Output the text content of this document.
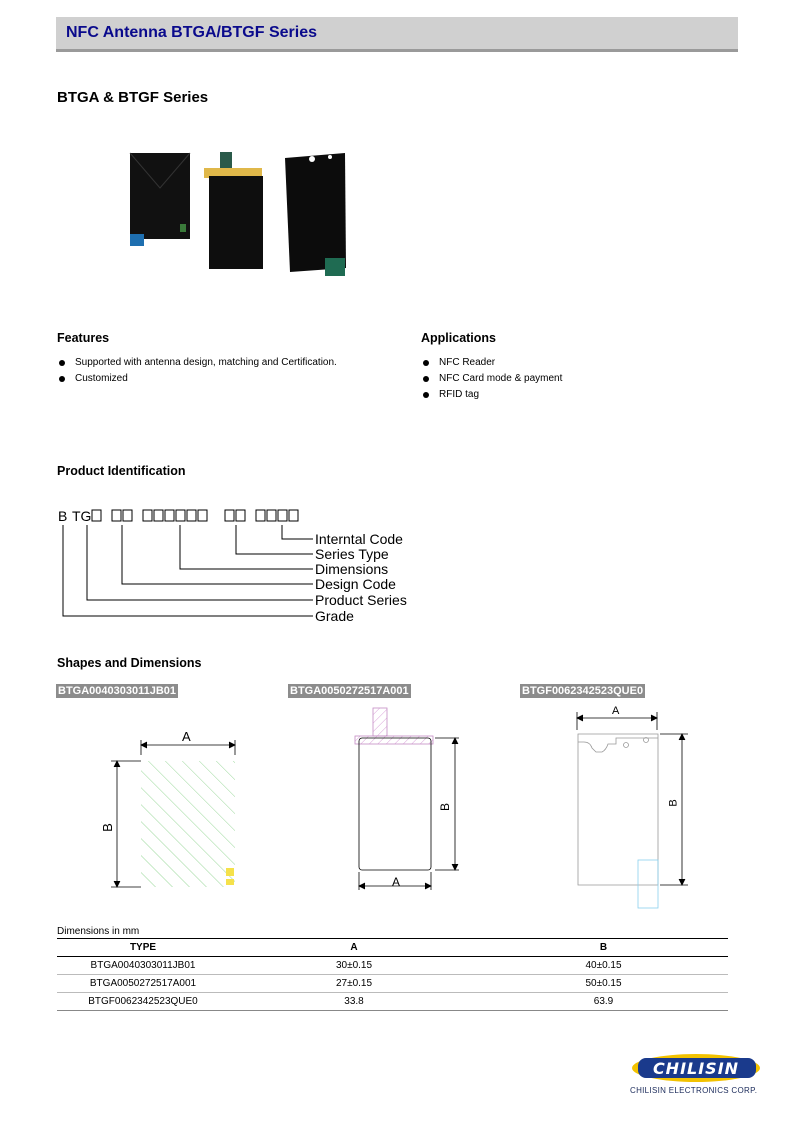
NFC Antenna BTGA/BTGF Series
BTGA & BTGF Series
Features
Supported with antenna design, matching and Certification.
Customized
Applications
NFC Reader
NFC Card mode & payment
RFID tag
Product Identification
B TG
Interntal Code
Series Type
Dimensions
Design Code
Product Series
Grade
Shapes and Dimensions
BTGA0040303011JB01	BTGA0050272517A001	BTGF0062342523QUE0
A
B
A
B
A
B
Dimensions in mm
TYPE	A	B
BTGA0040303011JB01	30±0.15	40±0.15
BTGA0050272517A001	27±0.15	50±0.15
BTGF0062342523QUE0	33.8	63.9
CHILISIN
CHILISIN ELECTRONICS CORP.
